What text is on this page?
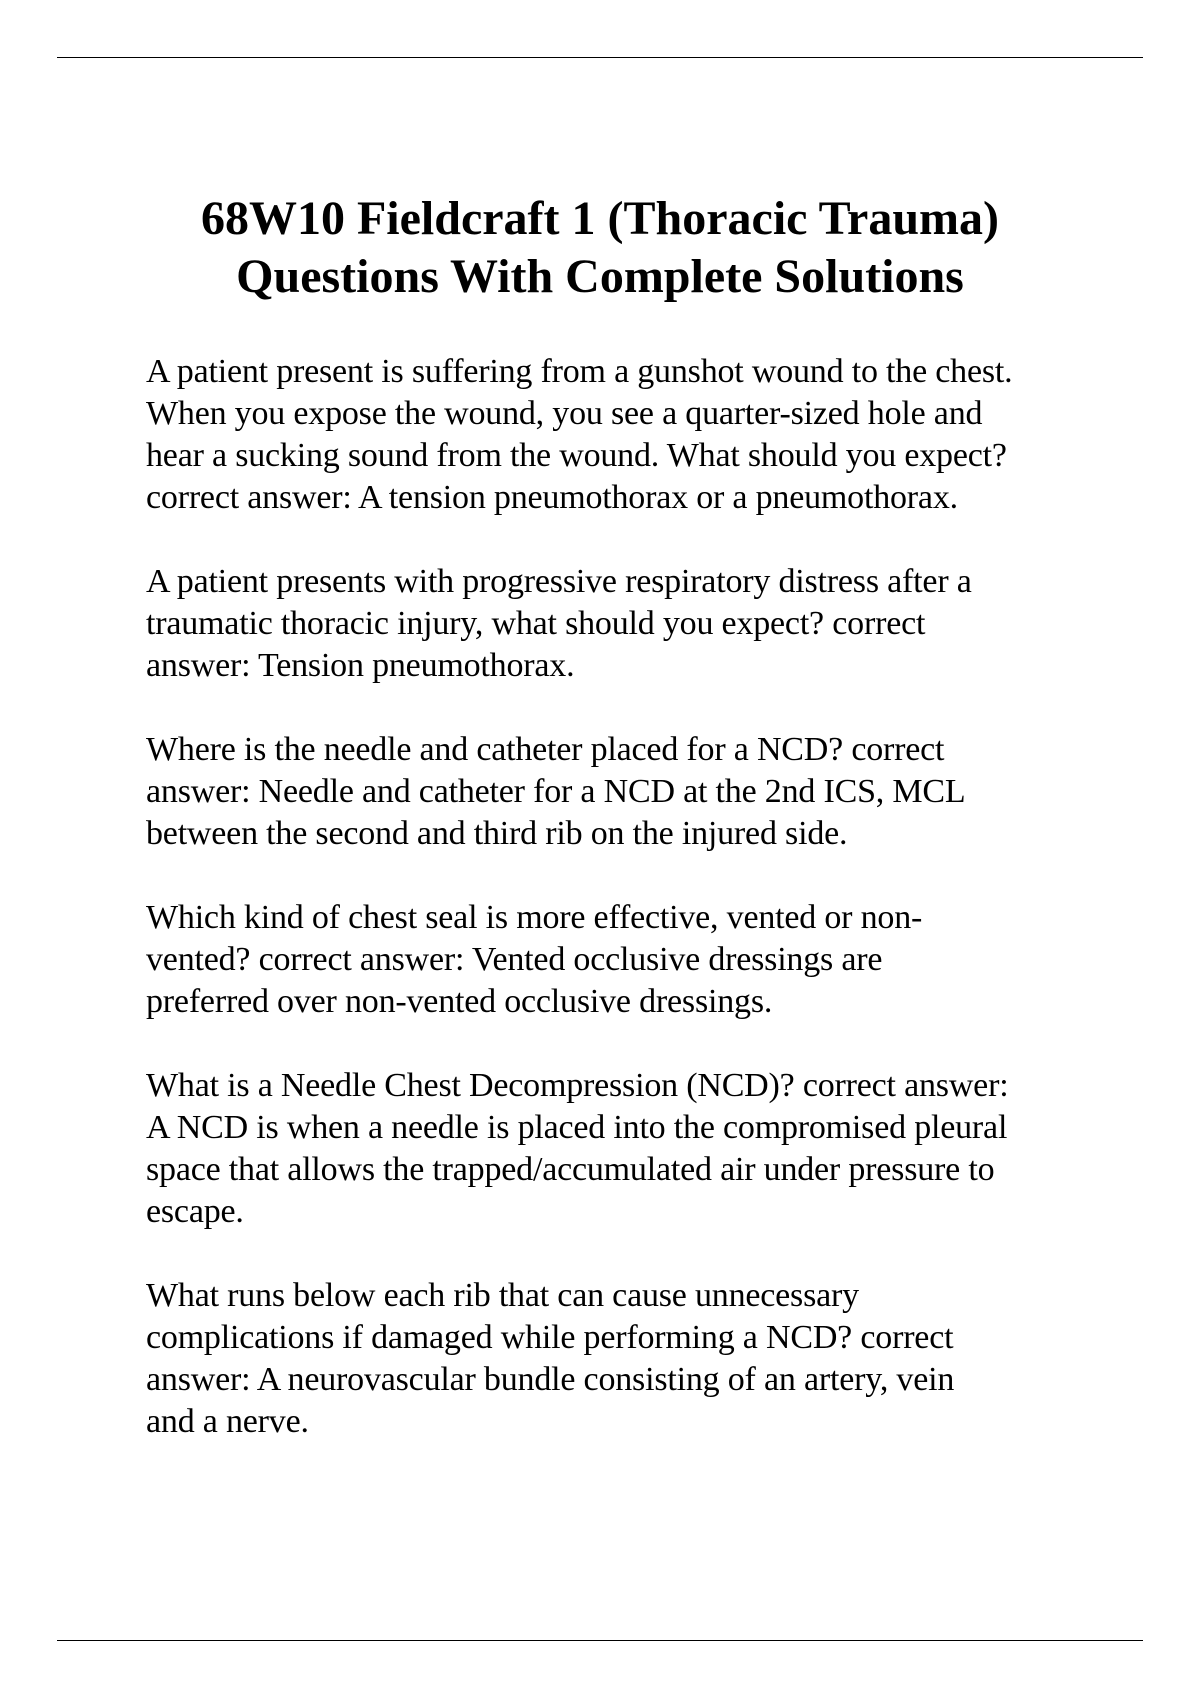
68W10 Fieldcraft 1 (Thoracic Trauma)
Questions With Complete Solutions

A patient present is suffering from a gunshot wound to the chest.
When you expose the wound, you see a quarter-sized hole and
hear a sucking sound from the wound. What should you expect?
correct answer: A tension pneumothorax or a pneumothorax.

A patient presents with progressive respiratory distress after a
traumatic thoracic injury, what should you expect? correct
answer: Tension pneumothorax.

Where is the needle and catheter placed for a NCD? correct
answer: Needle and catheter for a NCD at the 2nd ICS, MCL
between the second and third rib on the injured side.

Which kind of chest seal is more effective, vented or non-
vented? correct answer: Vented occlusive dressings are
preferred over non-vented occlusive dressings.

What is a Needle Chest Decompression (NCD)? correct answer:
A NCD is when a needle is placed into the compromised pleural
space that allows the trapped/accumulated air under pressure to
escape.

What runs below each rib that can cause unnecessary
complications if damaged while performing a NCD? correct
answer: A neurovascular bundle consisting of an artery, vein
and a nerve.
